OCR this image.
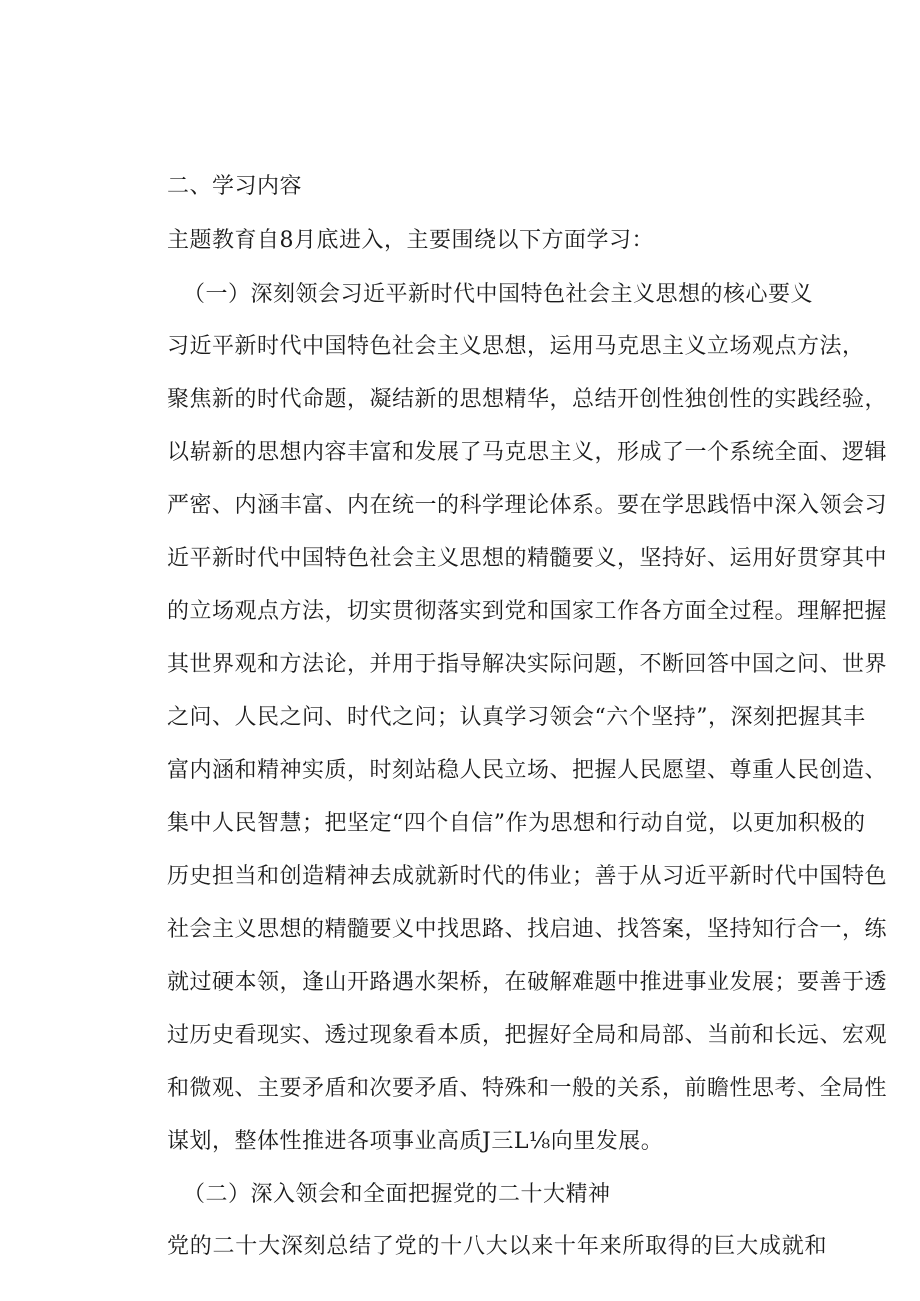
二、学习内容
主题教育自8月底进入，主要围绕以下方面学习：
（一）深刻领会习近平新时代中国特色社会主义思想的核心要义
习近平新时代中国特色社会主义思想，运用马克思主义立场观点方法，
聚焦新的时代命题，凝结新的思想精华，总结开创性独创性的实践经验，
以崭新的思想内容丰富和发展了马克思主义，形成了一个系统全面、逻辑
严密、内涵丰富、内在统一的科学理论体系。要在学思践悟中深入领会习
近平新时代中国特色社会主义思想的精髓要义，坚持好、运用好贯穿其中
的立场观点方法，切实贯彻落实到党和国家工作各方面全过程。理解把握
其世界观和方法论，并用于指导解决实际问题，不断回答中国之问、世界
之问、人民之问、时代之问；认真学习领会“六个坚持”，深刻把握其丰
富内涵和精神实质，时刻站稳人民立场、把握人民愿望、尊重人民创造、
集中人民智慧；把坚定“四个自信”作为思想和行动自觉，以更加积极的
历史担当和创造精神去成就新时代的伟业；善于从习近平新时代中国特色
社会主义思想的精髓要义中找思路、找启迪、找答案，坚持知行合一，练
就过硬本领，逢山开路遇水架桥，在破解难题中推进事业发展；要善于透
过历史看现实、透过现象看本质，把握好全局和局部、当前和长远、宏观
和微观、主要矛盾和次要矛盾、特殊和一般的关系，前瞻性思考、全局性
谋划，整体性推进各项事业高质J三L⅛向里发展。
（二）深入领会和全面把握党的二十大精神
党的二十大深刻总结了党的十八大以来十年来所取得的巨大成就和
